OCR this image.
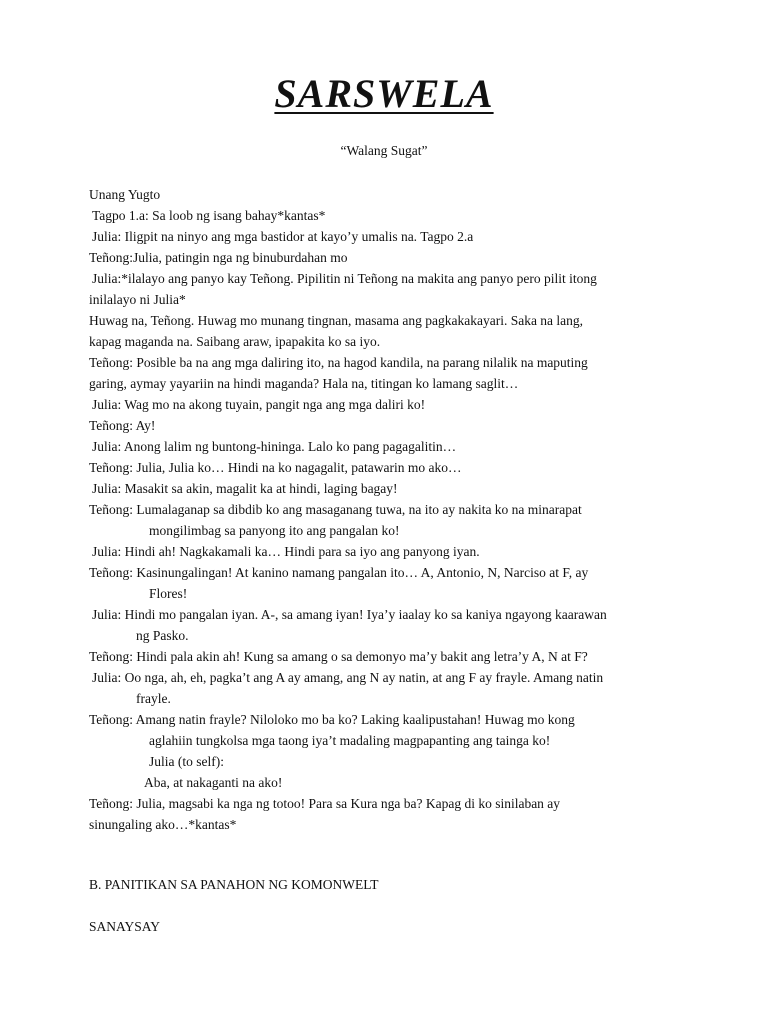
SARSWELA
“Walang Sugat”
Unang Yugto
Tagpo 1.a: Sa loob ng isang bahay*kantas*
Julia: Iligpit na ninyo ang mga bastidor at kayo’y umalis na. Tagpo 2.a
Teñong:Julia, patingin nga ng binuburdahan mo
Julia:*ilalayo ang panyo kay Teñong. Pipilitin ni Teñong na makita ang panyo pero pilit itong
inilalayo ni Julia*
Huwag na, Teñong. Huwag mo munang tingnan, masama ang pagkakakayari. Saka na lang,
kapag maganda na. Saibang araw, ipapakita ko sa iyo.
Teñong: Posible ba na ang mga daliring ito, na hagod kandila, na parang nilalik na maputing
garing, aymay yayariin na hindi maganda? Hala na, titingan ko lamang saglit…
Julia: Wag mo na akong tuyain, pangit nga ang mga daliri ko!
Teñong: Ay!
Julia: Anong lalim ng buntong-hininga. Lalo ko pang pagagalitin…
Teñong: Julia, Julia ko… Hindi na ko nagagalit, patawarin mo ako…
Julia: Masakit sa akin, magalit ka at hindi, laging bagay!
Teñong: Lumalaganap sa dibdib ko ang masaganang tuwa, na ito ay nakita ko na minarapat
mongilimbag sa panyong ito ang pangalan ko!
Julia: Hindi ah! Nagkakamali ka… Hindi para sa iyo ang panyong iyan.
Teñong: Kasinungalingan! At kanino namang pangalan ito… A, Antonio, N, Narciso at F, ay
Flores!
Julia: Hindi mo pangalan iyan. A-, sa amang iyan! Iya’y iaalay ko sa kaniya ngayong kaarawan
ng Pasko.
Teñong: Hindi pala akin ah! Kung sa amang o sa demonyo ma’y bakit ang letra’y A, N at F?
Julia: Oo nga, ah, eh, pagka’t ang A ay amang, ang N ay natin, at ang F ay frayle. Amang natin
frayle.
Teñong: Amang natin frayle? Niloloko mo ba ko? Laking kaalipustahan! Huwag mo kong
aglahiin tungkolsa mga taong iya’t madaling magpapanting ang tainga ko!
Julia (to self):
Aba, at nakaganti na ako!
Teñong: Julia, magsabi ka nga ng totoo! Para sa Kura nga ba? Kapag di ko sinilaban ay
sinungaling ako…*kantas*
B. PANITIKAN SA PANAHON NG KOMONWELT
SANAYSAY
